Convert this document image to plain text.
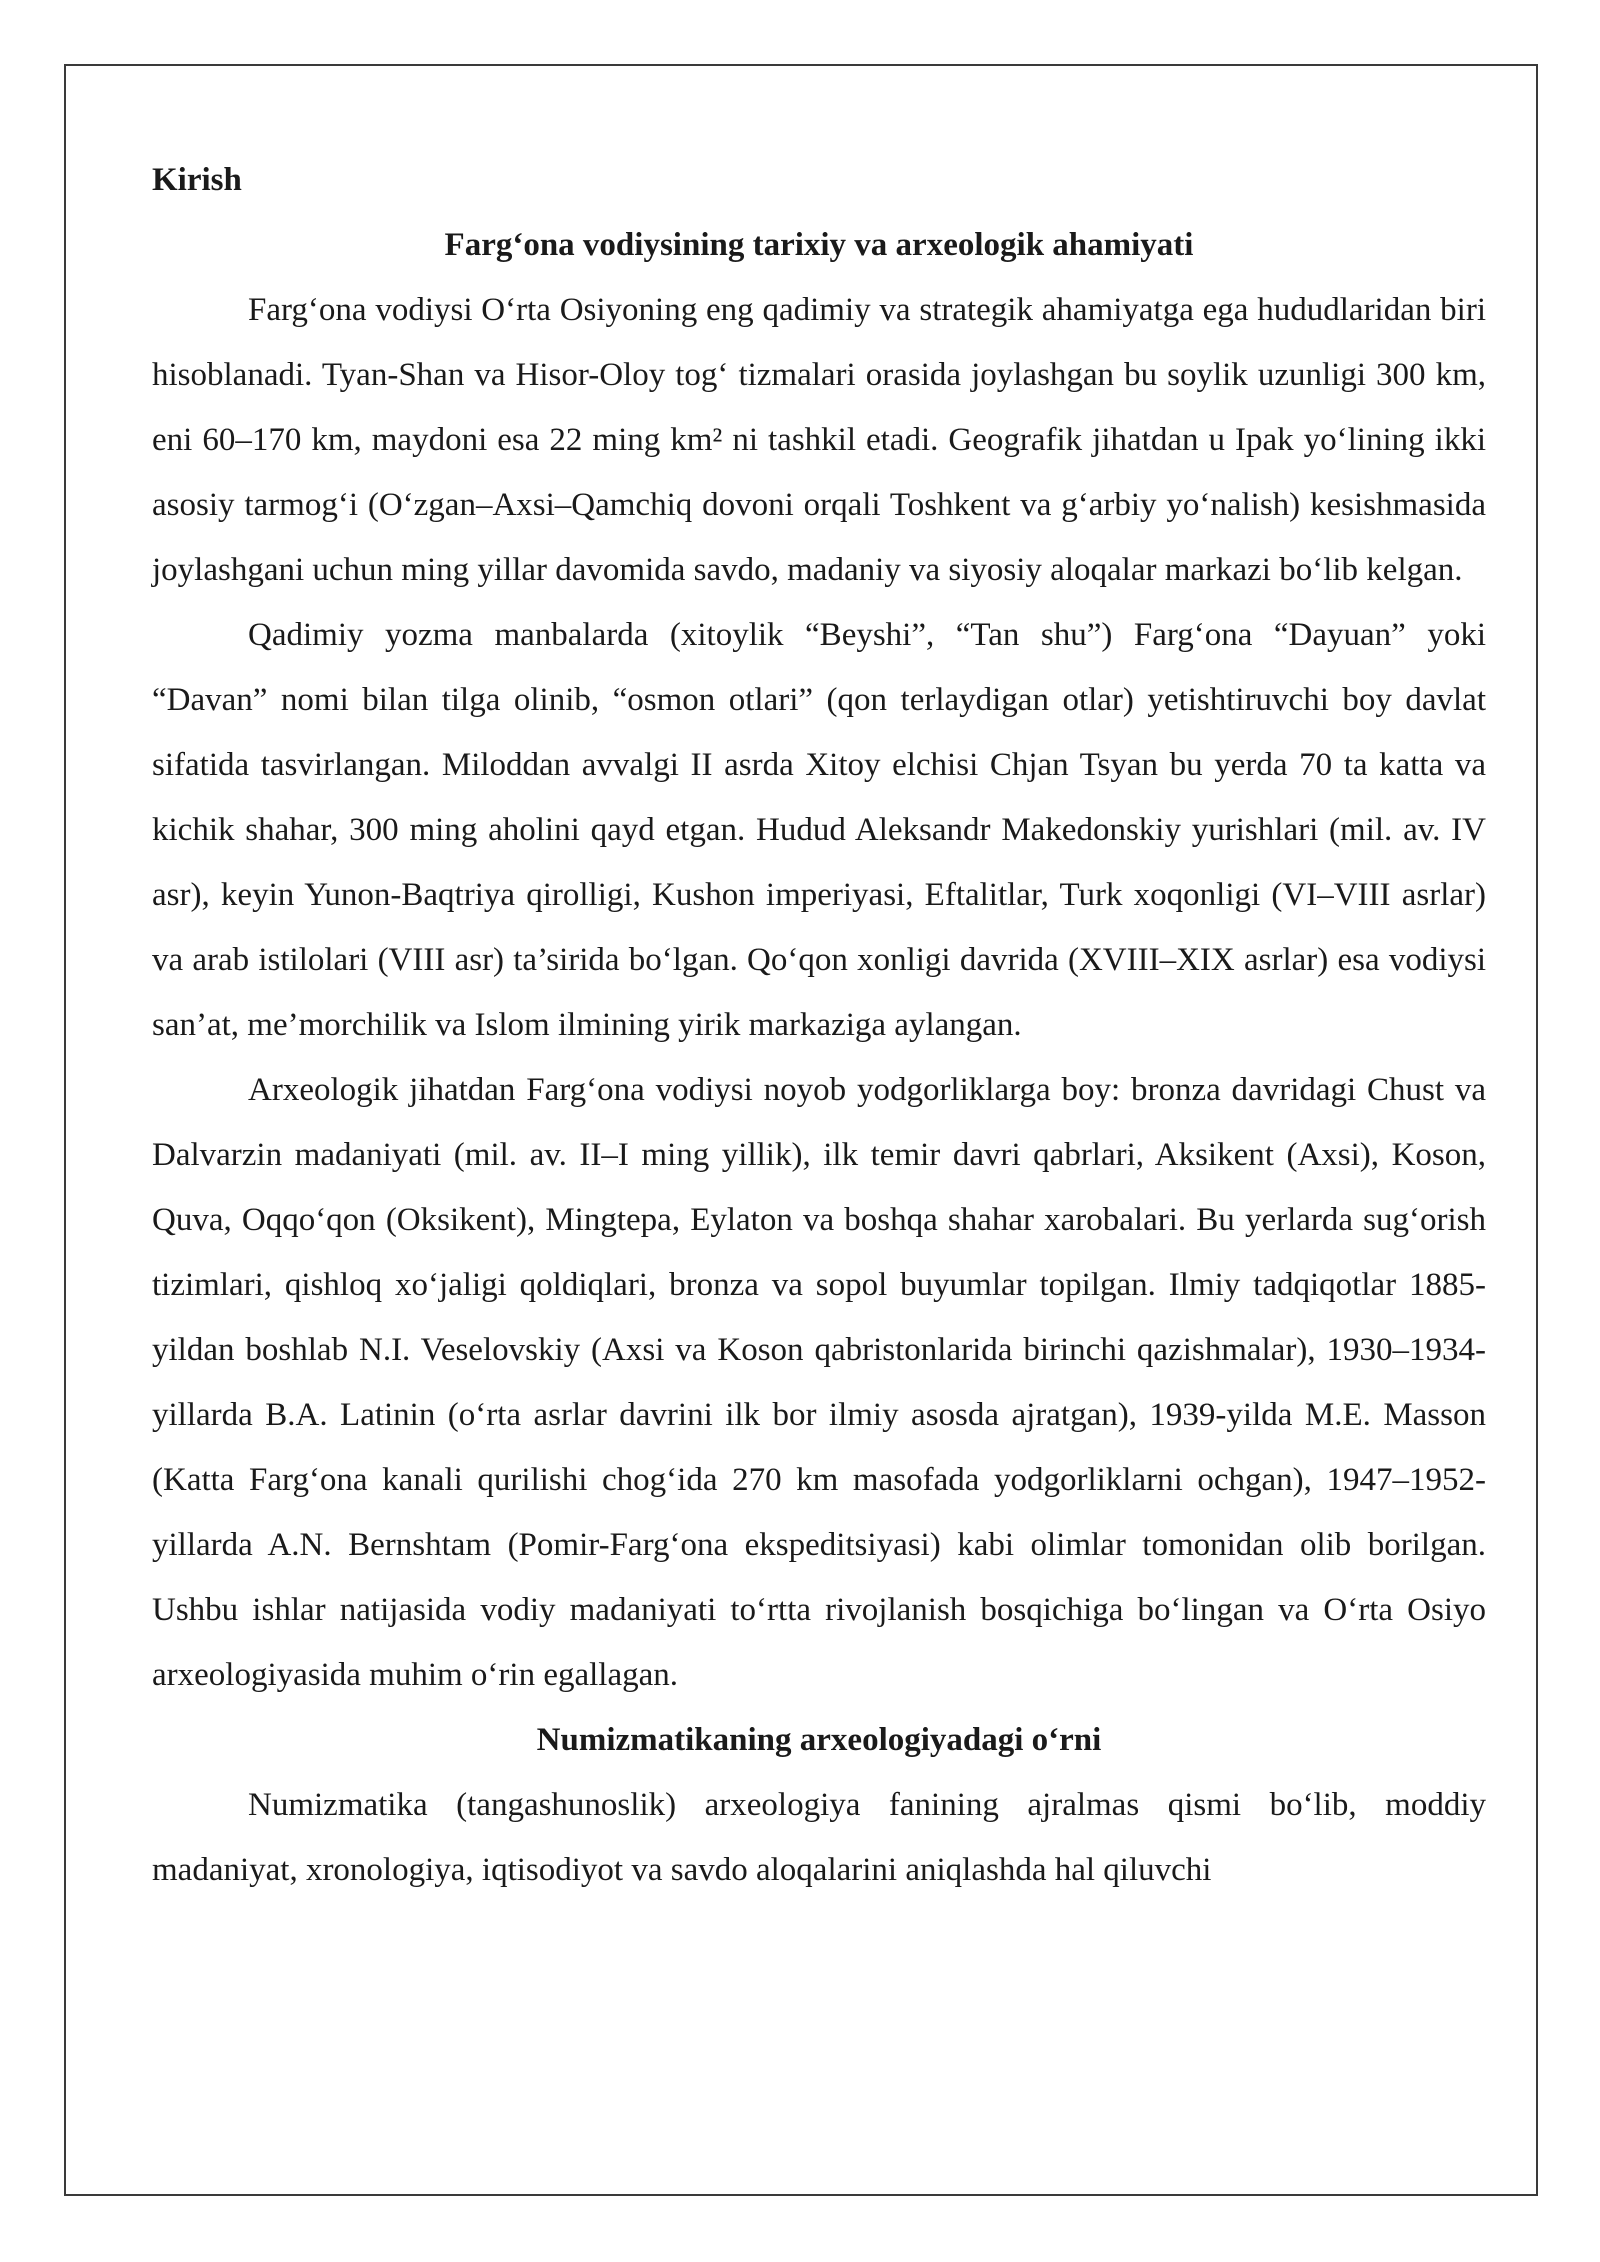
Kirish

Farg‘ona vodiysining tarixiy va arxeologik ahamiyati

Farg‘ona vodiysi O‘rta Osiyoning eng qadimiy va strategik ahamiyatga ega hududlaridan biri hisoblanadi. Tyan-Shan va Hisor-Oloy tog‘ tizmalari orasida joylashgan bu soylik uzunligi 300 km, eni 60–170 km, maydoni esa 22 ming km² ni tashkil etadi. Geografik jihatdan u Ipak yo‘lining ikki asosiy tarmog‘i (O‘zgan–Axsi–Qamchiq dovoni orqali Toshkent va g‘arbiy yo‘nalish) kesishmasida joylashgani uchun ming yillar davomida savdo, madaniy va siyosiy aloqalar markazi bo‘lib kelgan.

Qadimiy yozma manbalarda (xitoylik “Beyshi”, “Tan shu”) Farg‘ona “Dayuan” yoki “Davan” nomi bilan tilga olinib, “osmon otlari” (qon terlaydigan otlar) yetishtiruvchi boy davlat sifatida tasvirlangan. Miloddan avvalgi II asrda Xitoy elchisi Chjan Tsyan bu yerda 70 ta katta va kichik shahar, 300 ming aholini qayd etgan. Hudud Aleksandr Makedonskiy yurishlari (mil. av. IV asr), keyin Yunon-Baqtriya qirolligi, Kushon imperiyasi, Eftalitlar, Turk xoqonligi (VI–VIII asrlar) va arab istilolari (VIII asr) ta’sirida bo‘lgan. Qo‘qon xonligi davrida (XVIII–XIX asrlar) esa vodiysi san’at, me’morchilik va Islom ilmining yirik markaziga aylangan.

Arxeologik jihatdan Farg‘ona vodiysi noyob yodgorliklarga boy: bronza davridagi Chust va Dalvarzin madaniyati (mil. av. II–I ming yillik), ilk temir davri qabrlari, Aksikent (Axsi), Koson, Quva, Oqqo‘qon (Oksikent), Mingtepa, Eylaton va boshqa shahar xarobalari. Bu yerlarda sug‘orish tizimlari, qishloq xo‘jaligi qoldiqlari, bronza va sopol buyumlar topilgan. Ilmiy tadqiqotlar 1885-yildan boshlab N.I. Veselovskiy (Axsi va Koson qabristonlarida birinchi qazishmalar), 1930–1934-yillarda B.A. Latinin (o‘rta asrlar davrini ilk bor ilmiy asosda ajratgan), 1939-yilda M.E. Masson (Katta Farg‘ona kanali qurilishi chog‘ida 270 km masofada yodgorliklarni ochgan), 1947–1952-yillarda A.N. Bernshtam (Pomir-Farg‘ona ekspeditsiyasi) kabi olimlar tomonidan olib borilgan. Ushbu ishlar natijasida vodiy madaniyati to‘rtta rivojlanish bosqichiga bo‘lingan va O‘rta Osiyo arxeologiyasida muhim o‘rin egallagan.

Numizmatikaning arxeologiyadagi o‘rni

Numizmatika (tangashunoslik) arxeologiya fanining ajralmas qismi bo‘lib, moddiy madaniyat, xronologiya, iqtisodiyot va savdo aloqalarini aniqlashda hal qiluvchi
